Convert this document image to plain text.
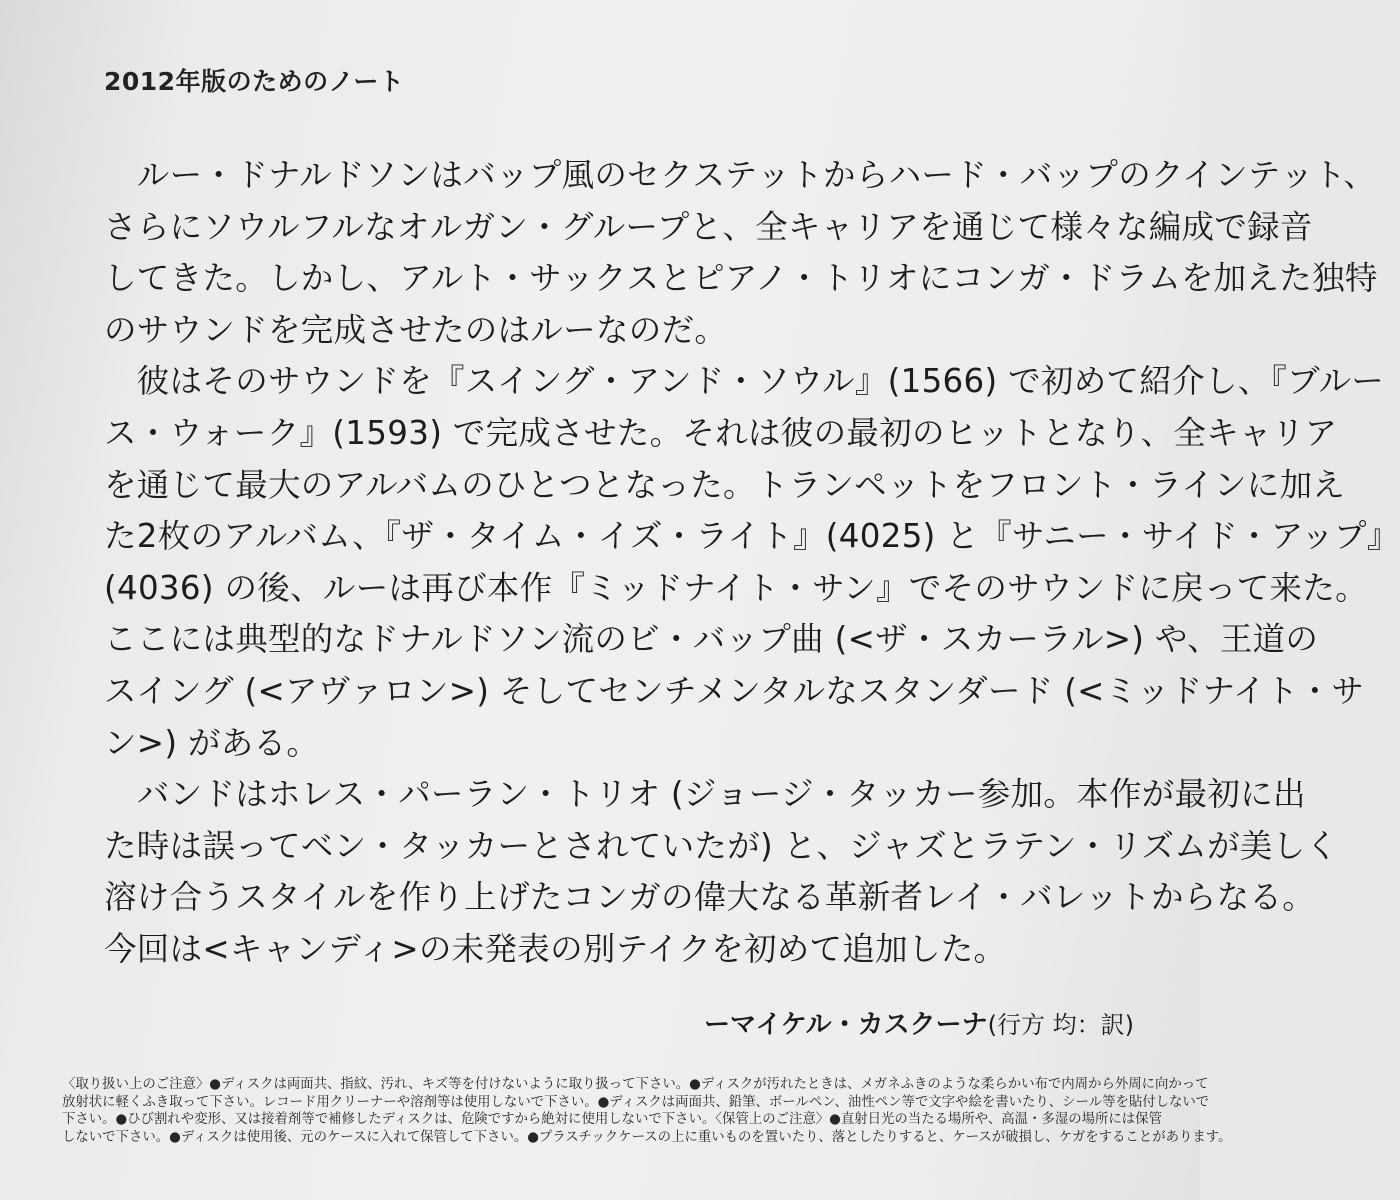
2012年版のためのノート
　ルー・ドナルドソンはバップ風のセクステットからハード・バップのクインテット、
さらにソウルフルなオルガン・グループと、全キャリアを通じて様々な編成で録音
してきた。しかし、アルト・サックスとピアノ・トリオにコンガ・ドラムを加えた独特
のサウンドを完成させたのはルーなのだ。
　彼はそのサウンドを『スイング・アンド・ソウル』(1566) で初めて紹介し、『ブルー
ス・ウォーク』(1593) で完成させた。それは彼の最初のヒットとなり、全キャリア
を通じて最大のアルバムのひとつとなった。トランペットをフロント・ラインに加え
た2枚のアルバム、『ザ・タイム・イズ・ライト』(4025) と『サニー・サイド・アップ』
(4036) の後、ルーは再び本作『ミッドナイト・サン』でそのサウンドに戻って来た。
ここには典型的なドナルドソン流のビ・バップ曲 (<ザ・スカーラル>) や、王道の
スイング (<アヴァロン>) そしてセンチメンタルなスタンダード (<ミッドナイト・サ
ン>) がある。
　バンドはホレス・パーラン・トリオ (ジョージ・タッカー参加。本作が最初に出
た時は誤ってベン・タッカーとされていたが) と、ジャズとラテン・リズムが美しく
溶け合うスタイルを作り上げたコンガの偉大なる革新者レイ・バレットからなる。
今回は<キャンディ>の未発表の別テイクを初めて追加した。
ーマイケル・カスクーナ(行方 均：訳)
〈取り扱い上のご注意〉●ディスクは両面共、指紋、汚れ、キズ等を付けないように取り扱って下さい。●ディスクが汚れたときは、メガネふきのような柔らかい布で内周から外周に向かって
放射状に軽くふき取って下さい。レコード用クリーナーや溶剤等は使用しないで下さい。●ディスクは両面共、鉛筆、ボールペン、油性ペン等で文字や絵を書いたり、シール等を貼付しないで
下さい。●ひび割れや変形、又は接着剤等で補修したディスクは、危険ですから絶対に使用しないで下さい。〈保管上のご注意〉●直射日光の当たる場所や、高温・多湿の場所には保管
しないで下さい。●ディスクは使用後、元のケースに入れて保管して下さい。●プラスチックケースの上に重いものを置いたり、落としたりすると、ケースが破損し、ケガをすることがあります。
